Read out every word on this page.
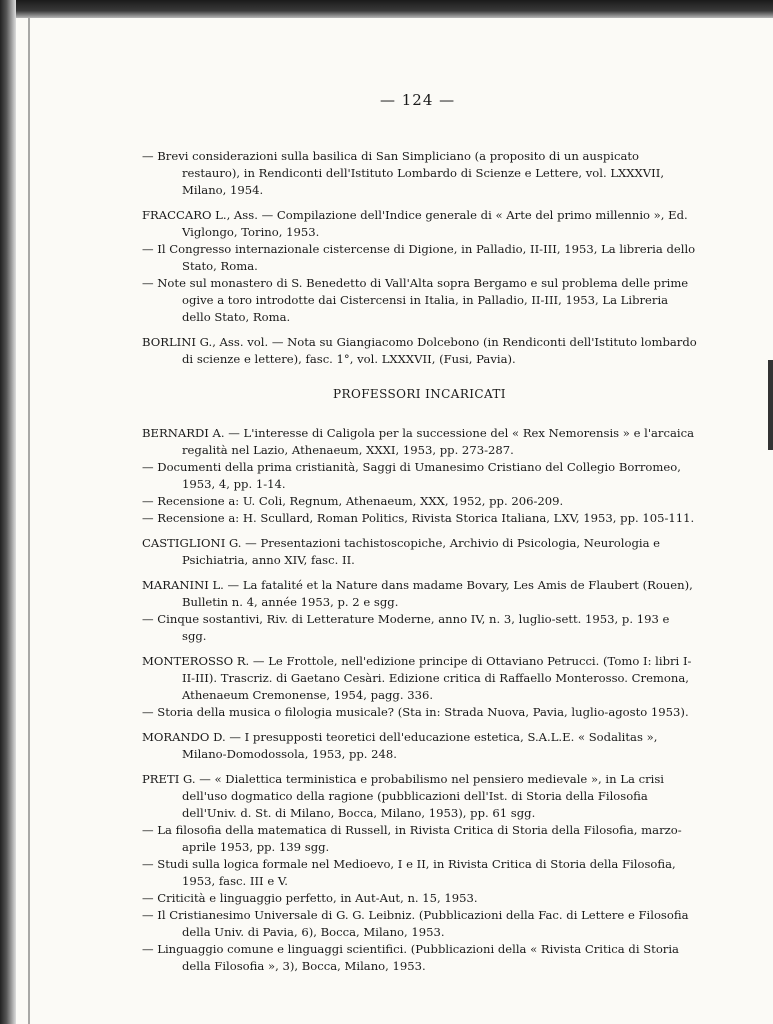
— 124 —

— Brevi considerazioni sulla basilica di San Simpliciano (a proposito di un auspicato restauro), in Rendiconti dell'Istituto Lombardo di Scienze e Lettere, vol. LXXXVII, Milano, 1954.

FRACCARO L., Ass. — Compilazione dell'Indice generale di « Arte del primo millennio », Ed. Viglongo, Torino, 1953.

— Il Congresso internazionale cistercense di Digione, in Palladio, II-III, 1953, La libreria dello Stato, Roma.

— Note sul monastero di S. Benedetto di Vall'Alta sopra Bergamo e sul problema delle prime ogive a toro introdotte dai Cistercensi in Italia, in Palladio, II-III, 1953, La Libreria dello Stato, Roma.

BORLINI G., Ass. vol. — Nota su Giangiacomo Dolcebono (in Rendiconti dell'Istituto lombardo di scienze e lettere), fasc. 1°, vol. LXXXVII, (Fusi, Pavia).

PROFESSORI INCARICATI

BERNARDI A. — L'interesse di Caligola per la successione del « Rex Nemorensis » e l'arcaica regalità nel Lazio, Athenaeum, XXXI, 1953, pp. 273-287.

— Documenti della prima cristianità, Saggi di Umanesimo Cristiano del Collegio Borromeo, 1953, 4, pp. 1-14.

— Recensione a: U. Coli, Regnum, Athenaeum, XXX, 1952, pp. 206-209.

— Recensione a: H. Scullard, Roman Politics, Rivista Storica Italiana, LXV, 1953, pp. 105-111.

CASTIGLIONI G. — Presentazioni tachistoscopiche, Archivio di Psicologia, Neurologia e Psichiatria, anno XIV, fasc. II.

MARANINI L. — La fatalité et la Nature dans madame Bovary, Les Amis de Flaubert (Rouen), Bulletin n. 4, année 1953, p. 2 e sgg.

— Cinque sostantivi, Riv. di Letterature Moderne, anno IV, n. 3, luglio-sett. 1953, p. 193 e sgg.

MONTEROSSO R. — Le Frottole, nell'edizione principe di Ottaviano Petrucci. (Tomo I: libri I-II-III). Trascriz. di Gaetano Cesàri. Edizione critica di Raffaello Monterosso. Cremona, Athenaeum Cremonense, 1954, pagg. 336.

— Storia della musica o filologia musicale? (Sta in: Strada Nuova, Pavia, luglio-agosto 1953).

MORANDO D. — I presupposti teoretici dell'educazione estetica, S.A.L.E. « Sodalitas », Milano-Domodossola, 1953, pp. 248.

PRETI G. — « Dialettica terministica e probabilismo nel pensiero medievale », in La crisi dell'uso dogmatico della ragione (pubblicazioni dell'Ist. di Storia della Filosofia dell'Univ. d. St. di Milano, Bocca, Milano, 1953), pp. 61 sgg.

— La filosofia della matematica di Russell, in Rivista Critica di Storia della Filosofia, marzo-aprile 1953, pp. 139 sgg.

— Studi sulla logica formale nel Medioevo, I e II, in Rivista Critica di Storia della Filosofia, 1953, fasc. III e V.

— Criticità e linguaggio perfetto, in Aut-Aut, n. 15, 1953.

— Il Cristianesimo Universale di G. G. Leibniz. (Pubblicazioni della Fac. di Lettere e Filosofia della Univ. di Pavia, 6), Bocca, Milano, 1953.

— Linguaggio comune e linguaggi scientifici. (Pubblicazioni della « Rivista Critica di Storia della Filosofia », 3), Bocca, Milano, 1953.
